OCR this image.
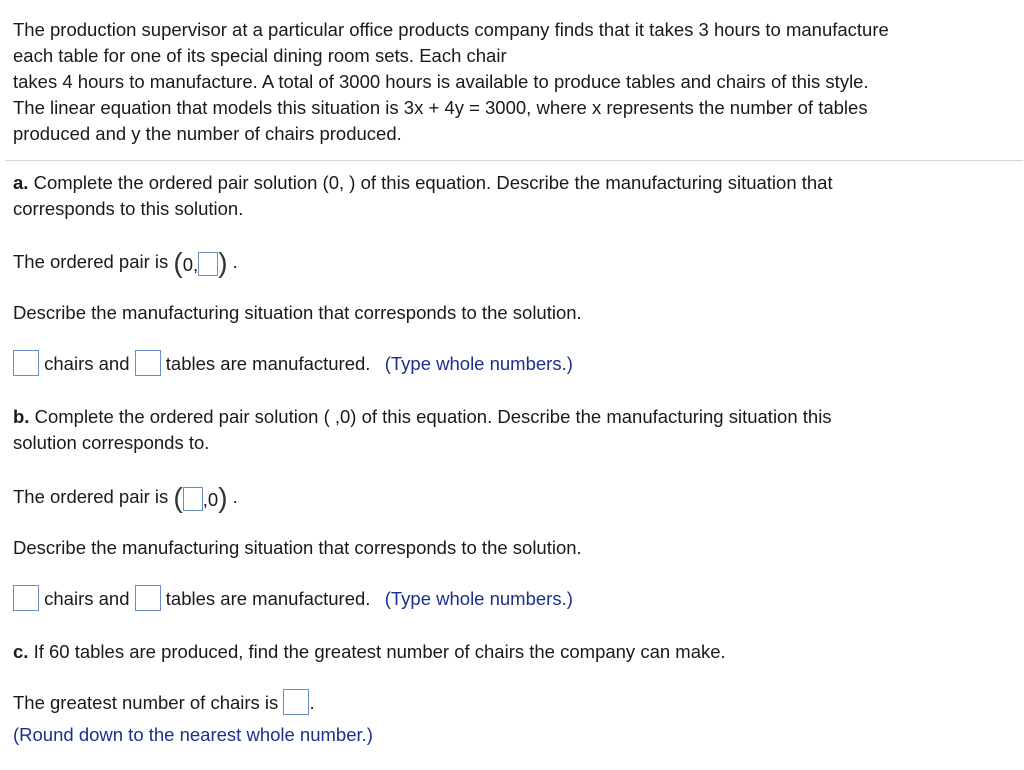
The production supervisor at a particular office products company finds that it takes 3 hours to manufacture
each table for one of its special dining room sets. Each chair
takes 4 hours to manufacture. A total of 3000 hours is available to produce tables and chairs of this style.
The linear equation that models this situation is 3x + 4y = 3000, where x represents the number of tables
produced and y the number of chairs produced.
a. Complete the ordered pair solution (0, ) of this equation. Describe the manufacturing situation that
corresponds to this solution.
The ordered pair is (0, ) .
Describe the manufacturing situation that corresponds to the solution.
chairs and tables are manufactured. (Type whole numbers.)
b. Complete the ordered pair solution ( ,0) of this equation. Describe the manufacturing situation this
solution corresponds to.
The ordered pair is ( ,0) .
Describe the manufacturing situation that corresponds to the solution.
chairs and tables are manufactured. (Type whole numbers.)
c. If 60 tables are produced, find the greatest number of chairs the company can make.
The greatest number of chairs is .
(Round down to the nearest whole number.)
